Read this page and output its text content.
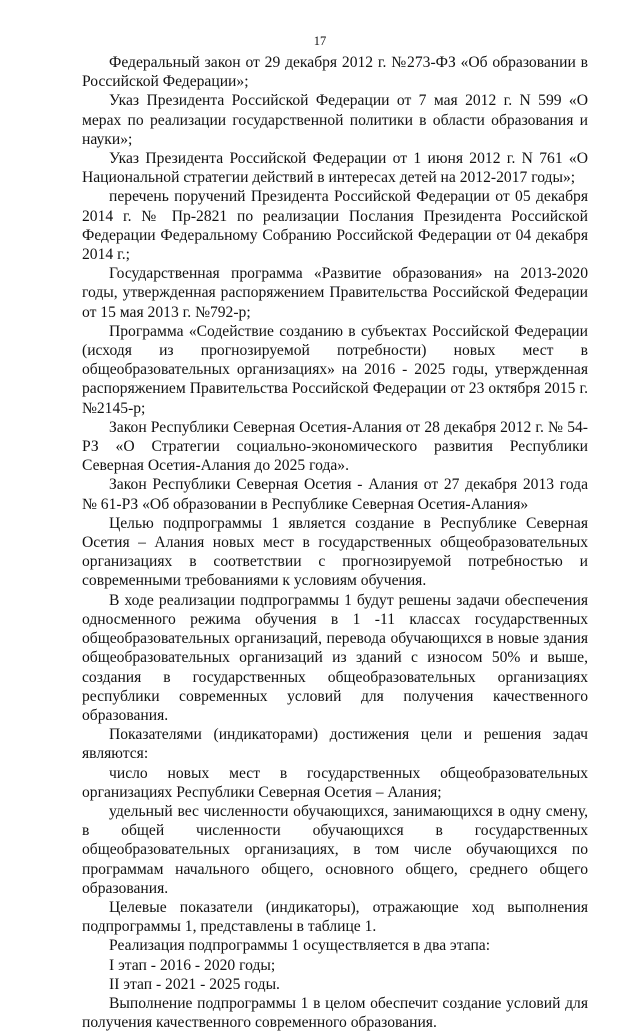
17

Федеральный закон от 29 декабря 2012 г. №273-ФЗ «Об образовании в Российской Федерации»;

Указ Президента Российской Федерации от 7 мая 2012 г. N 599 «О мерах по реализации государственной политики в области образования и науки»;

Указ Президента Российской Федерации от 1 июня 2012 г. N 761 «О Национальной стратегии действий в интересах детей на 2012-2017 годы»;

перечень поручений Президента Российской Федерации от 05 декабря 2014 г. № Пр-2821 по реализации Послания Президента Российской Федерации Федеральному Собранию Российской Федерации от 04 декабря 2014 г.;

Государственная программа «Развитие образования» на 2013-2020 годы, утвержденная распоряжением Правительства Российской Федерации от 15 мая 2013 г. №792-р;

Программа «Содействие созданию в субъектах Российской Федерации (исходя из прогнозируемой потребности) новых мест в общеобразовательных организациях» на 2016 - 2025 годы, утвержденная распоряжением Правительства Российской Федерации от 23 октября 2015 г. №2145-р;

Закон Республики Северная Осетия-Алания от 28 декабря 2012 г. № 54-РЗ «О Стратегии социально-экономического развития Республики Северная Осетия-Алания до 2025 года».

Закон Республики Северная Осетия - Алания от 27 декабря 2013 года № 61-РЗ «Об образовании в Республике Северная Осетия-Алания»

Целью подпрограммы 1 является создание в Республике Северная Осетия – Алания новых мест в государственных общеобразовательных организациях в соответствии с прогнозируемой потребностью и современными требованиями к условиям обучения.

В ходе реализации подпрограммы 1 будут решены задачи обеспечения односменного режима обучения в 1 -11 классах государственных общеобразовательных организаций, перевода обучающихся в новые здания общеобразовательных организаций из зданий с износом 50% и выше, создания в государственных общеобразовательных организациях республики современных условий для получения качественного образования.

Показателями (индикаторами) достижения цели и решения задач являются:

число новых мест в государственных общеобразовательных организациях Республики Северная Осетия – Алания;

удельный вес численности обучающихся, занимающихся в одну смену, в общей численности обучающихся в государственных общеобразовательных организациях, в том числе обучающихся по программам начального общего, основного общего, среднего общего образования.

Целевые показатели (индикаторы), отражающие ход выполнения подпрограммы 1, представлены в таблице 1.

Реализация подпрограммы 1 осуществляется в два этапа:

I этап - 2016 - 2020 годы;

II этап - 2021 - 2025 годы.

Выполнение подпрограммы 1 в целом обеспечит создание условий для получения качественного современного образования.
